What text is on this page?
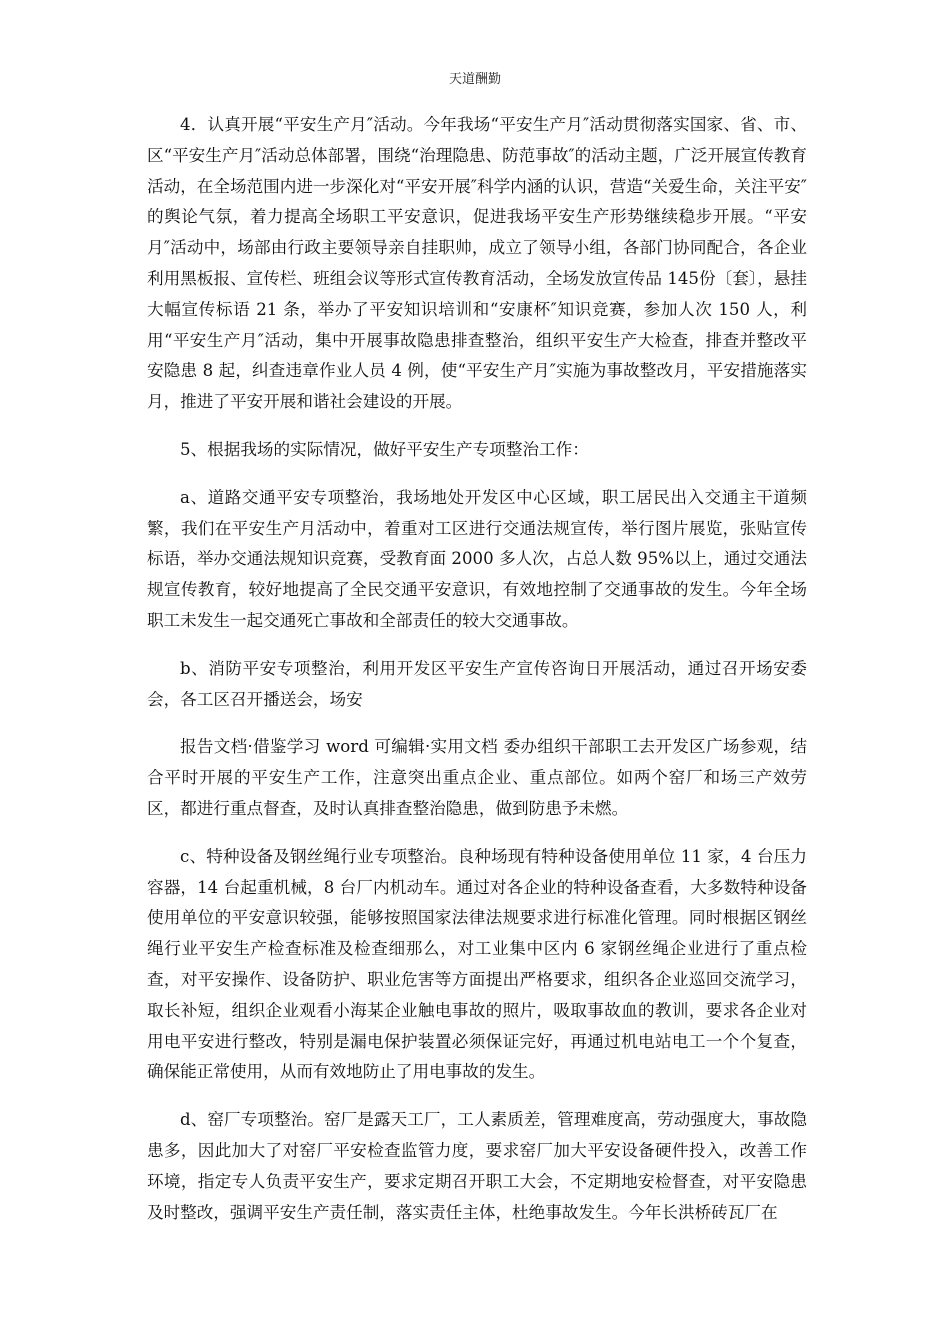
天道酬勤

4．认真开展“平安生产月″活动。今年我场“平安生产月″活动贯彻落实国家、省、市、区“平安生产月″活动总体部署，围绕“治理隐患、防范事故″的活动主题，广泛开展宣传教育活动，在全场范围内进一步深化对“平安开展″科学内涵的认识，营造“关爱生命，关注平安″的舆论气氛，着力提高全场职工平安意识，促进我场平安生产形势继续稳步开展。“平安月″活动中，场部由行政主要领导亲自挂职帅，成立了领导小组，各部门协同配合，各企业利用黑板报、宣传栏、班组会议等形式宣传教育活动，全场发放宣传品 145份〔套〕，悬挂大幅宣传标语 21 条，举办了平安知识培训和“安康杯″知识竞赛，参加人次 150 人，利用“平安生产月″活动，集中开展事故隐患排查整治，组织平安生产大检查，排查并整改平安隐患 8 起，纠查违章作业人员 4 例，使“平安生产月″实施为事故整改月，平安措施落实月，推进了平安开展和谐社会建设的开展。

5、根据我场的实际情况，做好平安生产专项整治工作：

a、道路交通平安专项整治，我场地处开发区中心区域，职工居民出入交通主干道频繁，我们在平安生产月活动中，着重对工区进行交通法规宣传，举行图片展览，张贴宣传标语，举办交通法规知识竞赛，受教育面 2000 多人次，占总人数 95%以上，通过交通法规宣传教育，较好地提高了全民交通平安意识，有效地控制了交通事故的发生。今年全场职工未发生一起交通死亡事故和全部责任的较大交通事故。

b、消防平安专项整治，利用开发区平安生产宣传咨询日开展活动，通过召开场安委会，各工区召开播送会，场安

报告文档·借鉴学习 word 可编辑·实用文档 委办组织干部职工去开发区广场参观，结合平时开展的平安生产工作，注意突出重点企业、重点部位。如两个窑厂和场三产效劳区，都进行重点督查，及时认真排查整治隐患，做到防患予未燃。

c、特种设备及钢丝绳行业专项整治。良种场现有特种设备使用单位 11 家，4 台压力容器，14 台起重机械，8 台厂内机动车。通过对各企业的特种设备查看，大多数特种设备使用单位的平安意识较强，能够按照国家法律法规要求进行标准化管理。同时根据区钢丝绳行业平安生产检查标准及检查细那么，对工业集中区内 6 家钢丝绳企业进行了重点检查，对平安操作、设备防护、职业危害等方面提出严格要求，组织各企业巡回交流学习，取长补短，组织企业观看小海某企业触电事故的照片，吸取事故血的教训，要求各企业对用电平安进行整改，特别是漏电保护装置必须保证完好，再通过机电站电工一个个复查，确保能正常使用，从而有效地防止了用电事故的发生。

d、窑厂专项整治。窑厂是露天工厂，工人素质差，管理难度高，劳动强度大，事故隐患多，因此加大了对窑厂平安检查监管力度，要求窑厂加大平安设备硬件投入，改善工作环境，指定专人负责平安生产，要求定期召开职工大会，不定期地安检督查，对平安隐患及时整改，强调平安生产责任制，落实责任主体，杜绝事故发生。今年长洪桥砖瓦厂在
